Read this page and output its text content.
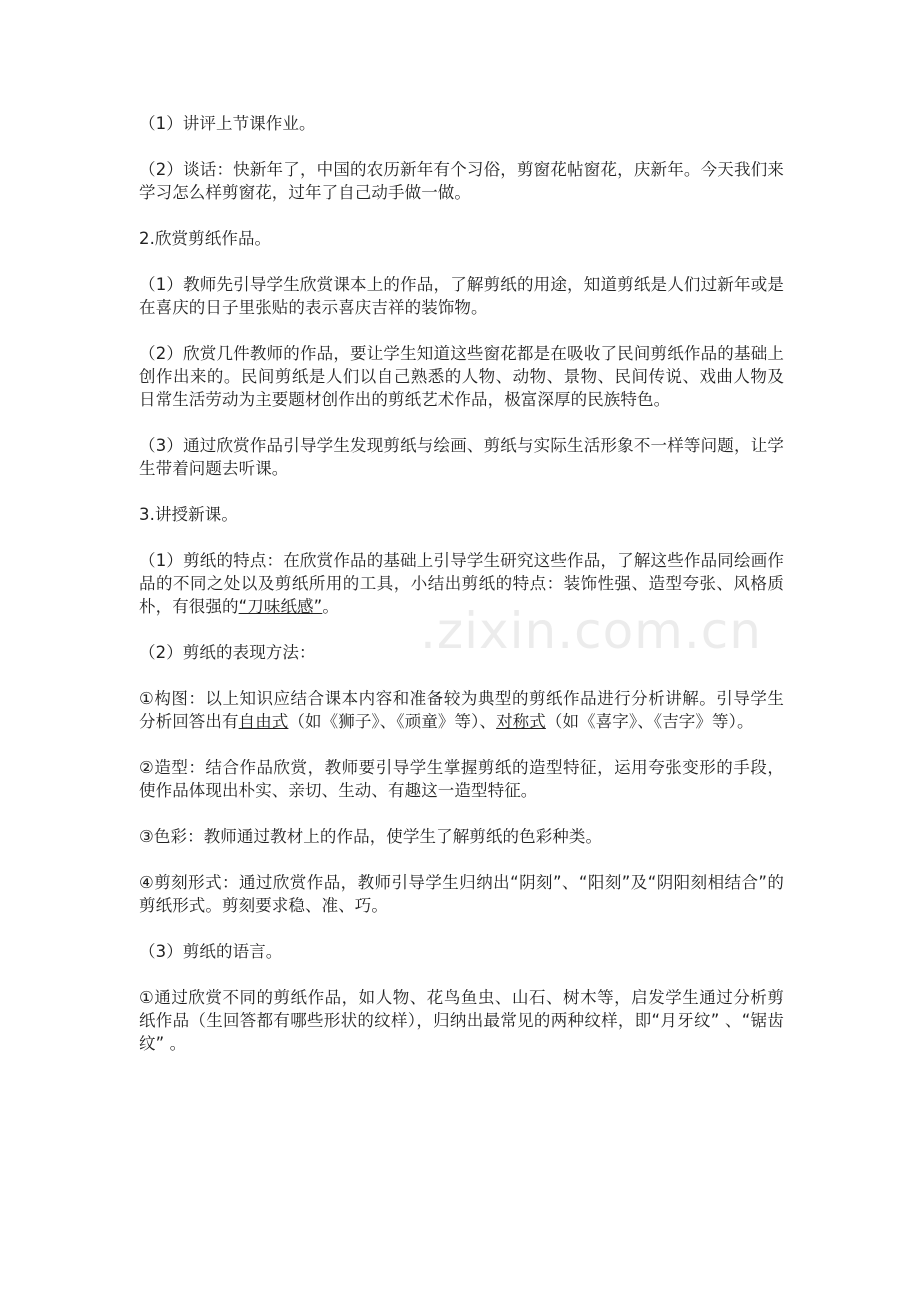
（1）讲评上节课作业。

（2）谈话：快新年了，中国的农历新年有个习俗，剪窗花帖窗花，庆新年。今天我们来学习怎么样剪窗花，过年了自己动手做一做。

2.欣赏剪纸作品。

（1）教师先引导学生欣赏课本上的作品，了解剪纸的用途，知道剪纸是人们过新年或是在喜庆的日子里张贴的表示喜庆吉祥的装饰物。

（2）欣赏几件教师的作品，要让学生知道这些窗花都是在吸收了民间剪纸作品的基础上创作出来的。民间剪纸是人们以自己熟悉的人物、动物、景物、民间传说、戏曲人物及日常生活劳动为主要题材创作出的剪纸艺术作品，极富深厚的民族特色。

（3）通过欣赏作品引导学生发现剪纸与绘画、剪纸与实际生活形象不一样等问题，让学生带着问题去听课。

3.讲授新课。

（1）剪纸的特点：在欣赏作品的基础上引导学生研究这些作品，了解这些作品同绘画作品的不同之处以及剪纸所用的工具，小结出剪纸的特点：装饰性强、造型夸张、风格质朴，有很强的“刀味纸感”。

（2）剪纸的表现方法：

①构图：以上知识应结合课本内容和准备较为典型的剪纸作品进行分析讲解。引导学生分析回答出有自由式（如《狮子》、《顽童》等）、对称式（如《喜字》、《吉字》等）。

②造型：结合作品欣赏，教师要引导学生掌握剪纸的造型特征，运用夸张变形的手段，使作品体现出朴实、亲切、生动、有趣这一造型特征。

③色彩：教师通过教材上的作品，使学生了解剪纸的色彩种类。

④剪刻形式：通过欣赏作品，教师引导学生归纳出“阴刻”、“阳刻”及“阴阳刻相结合”的剪纸形式。剪刻要求稳、准、巧。

（3）剪纸的语言。

①通过欣赏不同的剪纸作品，如人物、花鸟鱼虫、山石、树木等，启发学生通过分析剪纸作品（生回答都有哪些形状的纹样），归纳出最常见的两种纹样，即“月牙纹” 、“锯齿纹” 。

.zixin.com.cn
